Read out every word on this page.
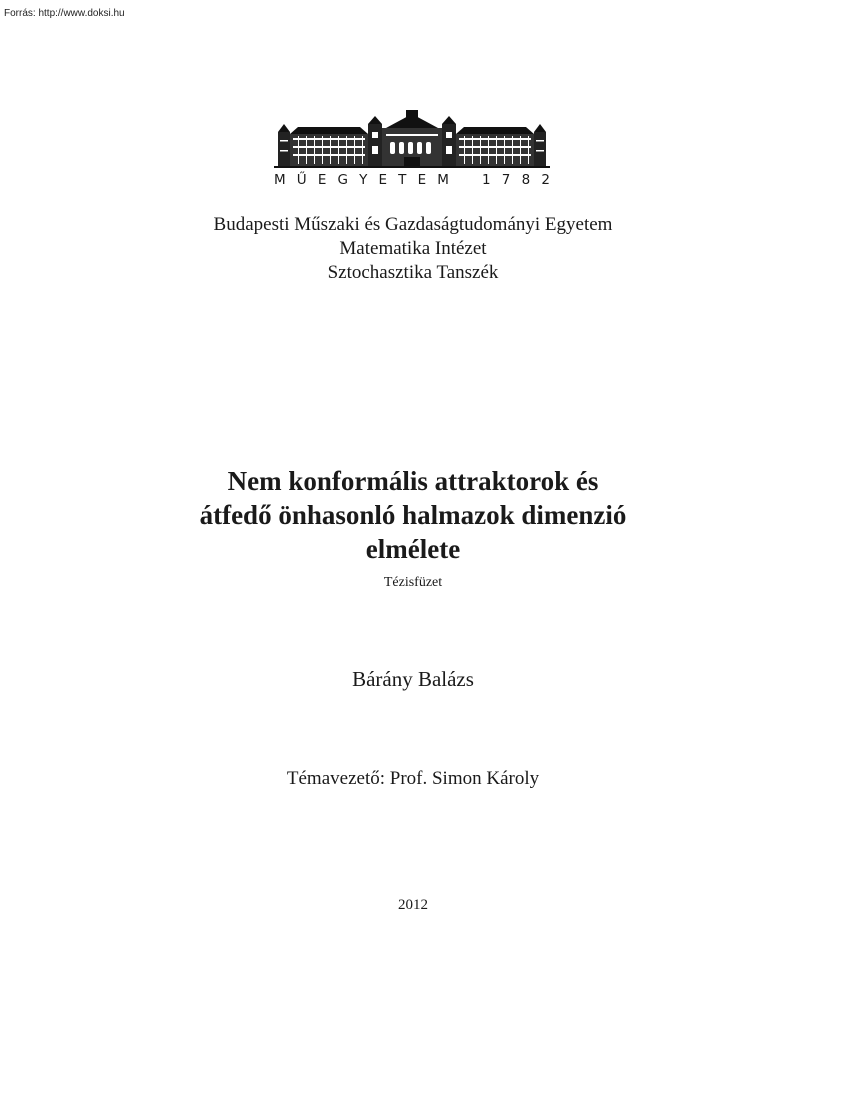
Forrás: http://www.doksi.hu
M Ű E G Y E T E M 1 7 8 2
Budapesti Műszaki és Gazdaságtudományi Egyetem
Matematika Intézet
Sztochasztika Tanszék
Nem konformális attraktorok és
átfedő önhasonló halmazok dimenzió
elmélete
Tézisfüzet
Bárány Balázs
Témavezető: Prof. Simon Károly
2012
